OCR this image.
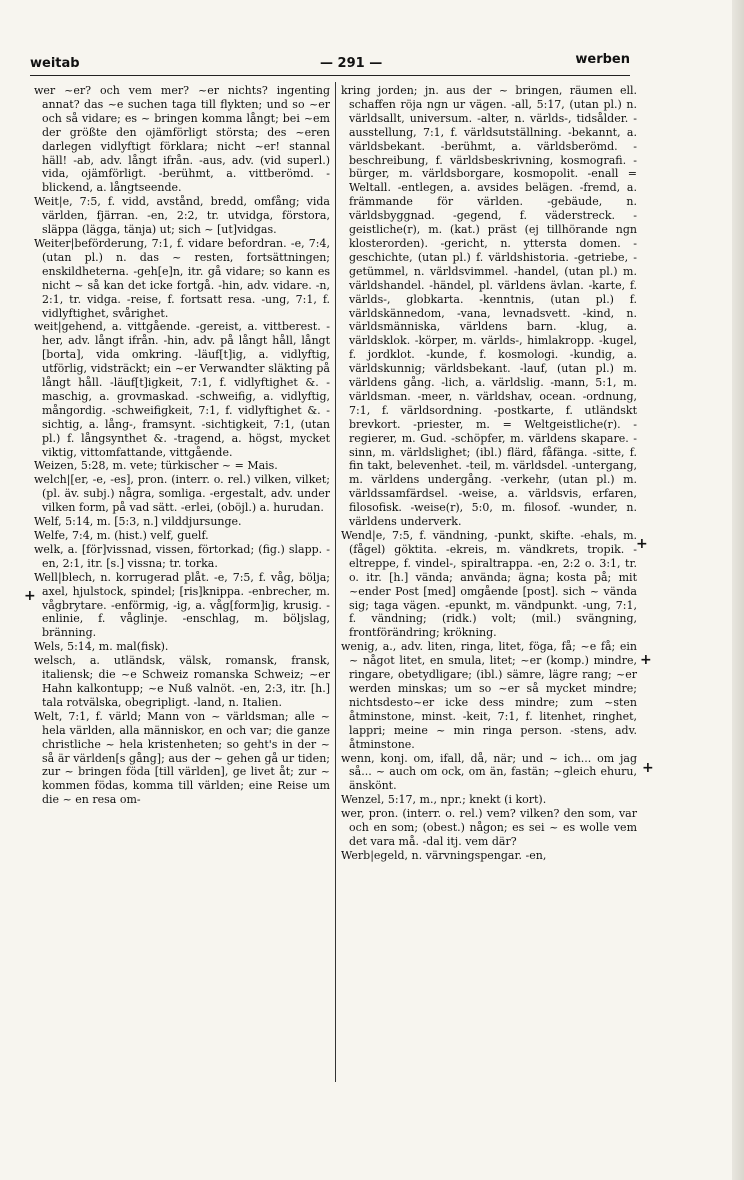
weitab	— 291 —	werben

wer ~er? och vem mer? ~er nichts? ingenting annat? das ~e suchen taga till flykten; und so ~er och så vidare; es ~ bringen komma långt; bei ~em der größte den ojämförligt största; des ~eren darlegen vidlyftigt förklara; nicht ~er! stannal häll! -ab, adv. långt ifrån. -aus, adv. (vid superl.) vida, ojämförligt. -berühmt, a. vittberömd. -blickend, a. långtseende.

Weit|e, 7:5, f. vidd, avstånd, bredd, omfång; vida världen, fjärran. -en, 2:2, tr. utvidga, förstora, släppa (lägga, tänja) ut; sich ~ [ut]vidgas.

Weiter|beförderung, 7:1, f. vidare befordran. -e, 7:4, (utan pl.) n. das ~ resten, fortsättningen; enskildheterna. -geh[e]n, itr. gå vidare; so kann es nicht ~ så kan det icke fortgå. -hin, adv. vidare. -n, 2:1, tr. vidga. -reise, f. fortsatt resa. -ung, 7:1, f. vidlyftighet, svårighet.

weit|gehend, a. vittgående. -gereist, a. vittberest. -her, adv. långt ifrån. -hin, adv. på långt håll, långt [borta], vida omkring. -läuf[t]ig, a. vidlyftig, utförlig, vidsträckt; ein ~er Verwandter släkting på långt håll. -läuf[t]igkeit, 7:1, f. vidlyftighet &. -maschig, a. grovmaskad. -schweifig, a. vidlyftig, mångordig. -schweifigkeit, 7:1, f. vidlyftighet &. -sichtig, a. lång-, framsynt. -sichtigkeit, 7:1, (utan pl.) f. långsynthet &. -tragend, a. högst, mycket viktig, vittomfattande, vittgående.

Weizen, 5:28, m. vete; türkischer ~ = Mais.

welch|[er, -e, -es], pron. (interr. o. rel.) vilken, vilket; (pl. äv. subj.) några, somliga. -ergestalt, adv. under vilken form, på vad sätt. -erlei, (oböjl.) a. hurudan.

Welf, 5:14, m. [5:3, n.] vilddjursunge.

Welfe, 7:4, m. (hist.) velf, guelf.

welk, a. [för]vissnad, vissen, förtorkad; (fig.) slapp. -en, 2:1, itr. [s.] vissna; tr. torka.

Well|blech, n. korrugerad plåt. -e, 7:5, f. våg, bölja; axel, hjulstock, spindel; [ris]knippa. -enbrecher, m. vågbrytare. -enförmig, -ig, a. våg[form]ig, krusig. -enlinie, f. våglinje. -enschlag, m. böljslag, bränning.

Wels, 5:14, m. mal(fisk).

welsch, a. utländsk, välsk, romansk, fransk, italiensk; die ~e Schweiz romanska Schweiz; ~er Hahn kalkontupp; ~e Nuß valnöt. -en, 2:3, itr. [h.] tala rotvälska, obegripligt. -land, n. Italien.

Welt, 7:1, f. värld; Mann von ~ världsman; alle ~ hela världen, alla människor, en och var; die ganze christliche ~ hela kristenheten; so geht's in der ~ så är världen[s gång]; aus der ~ gehen gå ur tiden; zur ~ bringen föda [till världen], ge livet åt; zur ~ kommen födas, komma till världen; eine Reise um die ~ en resa om-

kring jorden; jn. aus der ~ bringen, räumen ell. schaffen röja ngn ur vägen. -all, 5:17, (utan pl.) n. världsallt, universum. -alter, n. världs-, tidsålder. -ausstellung, 7:1, f. världsutställning. -bekannt, a. världsbekant. -berühmt, a. världsberömd. -beschreibung, f. världsbeskrivning, kosmografi. -bürger, m. världsborgare, kosmopolit. -enall = Weltall. -entlegen, a. avsides belägen. -fremd, a. främmande för världen. -gebäude, n. världsbyggnad. -gegend, f. väderstreck. -geistliche(r), m. (kat.) präst (ej tillhörande ngn klosterorden). -gericht, n. yttersta domen. -geschichte, (utan pl.) f. världshistoria. -getriebe, -getümmel, n. världsvimmel. -handel, (utan pl.) m. världshandel. -händel, pl. världens ävlan. -karte, f. världs-, globkarta. -kenntnis, (utan pl.) f. världskännedom, -vana, levnadsvett. -kind, n. världsmänniska, världens barn. -klug, a. världsklok. -körper, m. världs-, himlakropp. -kugel, f. jordklot. -kunde, f. kosmologi. -kundig, a. världskunnig; världsbekant. -lauf, (utan pl.) m. världens gång. -lich, a. världslig. -mann, 5:1, m. världsman. -meer, n. världshav, ocean. -ordnung, 7:1, f. världsordning. -postkarte, f. utländskt brevkort. -priester, m. = Weltgeistliche(r). -regierer, m. Gud. -schöpfer, m. världens skapare. -sinn, m. världslighet; (ibl.) flärd, fåfänga. -sitte, f. fin takt, belevenhet. -teil, m. världsdel. -untergang, m. världens undergång. -verkehr, (utan pl.) m. världssamfärdsel. -weise, a. världsvis, erfaren, filosofisk. -weise(r), 5:0, m. filosof. -wunder, n. världens underverk.

Wend|e, 7:5, f. vändning, -punkt, skifte. -ehals, m. (fågel) göktita. -ekreis, m. vändkrets, tropik. -eltreppe, f. vindel-, spiraltrappa. -en, 2:2 o. 3:1, tr. o. itr. [h.] vända; använda; ägna; kosta på; mit ~ender Post [med] omgående [post]. sich ~ vända sig; taga vägen. -epunkt, m. vändpunkt. -ung, 7:1, f. vändning; (ridk.) volt; (mil.) svängning, frontförändring; krökning.

wenig, a., adv. liten, ringa, litet, föga, få; ~e få; ein ~ något litet, en smula, litet; ~er (komp.) mindre, ringare, obetydligare; (ibl.) sämre, lägre rang; ~er werden minskas; um so ~er så mycket mindre; nichtsdesto~er icke dess mindre; zum ~sten åtminstone, minst. -keit, 7:1, f. litenhet, ringhet, lappri; meine ~ min ringa person. -stens, adv. åtminstone.

wenn, konj. om, ifall, då, när; und ~ ich... om jag så... ~ auch om ock, om än, fastän; ~gleich ehuru, änskönt.

Wenzel, 5:17, m., npr.; knekt (i kort).

wer, pron. (interr. o. rel.) vem? vilken? den som, var och en som; (obest.) någon; es sei ~ es wolle vem det vara må. -dal itj. vem där?

Werb|egeld, n. värvningspengar. -en,

+
+
+
+
